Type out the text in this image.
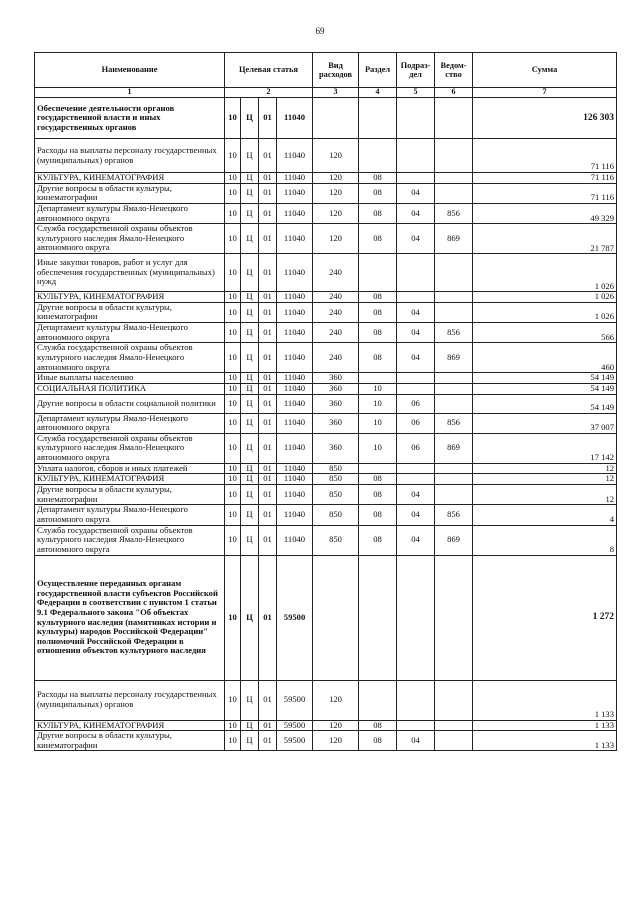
69
Наименование	Целевая статья				Вид расходов	Раздел	Подраз-дел	Ведом-ство	Сумма
1	2				3	4	5	6	7
Обеспечение деятельности органов государственной власти и иных государственных органов	10	Ц	01	11040					126 303
Расходы на выплаты персоналу государственных (муниципальных) органов	10	Ц	01	11040	120				71 116
КУЛЬТУРА, КИНЕМАТОГРАФИЯ	10	Ц	01	11040	120	08			71 116
Другие вопросы в области культуры, кинематографии	10	Ц	01	11040	120	08	04		71 116
Департамент культуры Ямало-Ненецкого автономного округа	10	Ц	01	11040	120	08	04	856	49 329
Служба государственной охраны объектов культурного наследия Ямало-Ненецкого автономного округа	10	Ц	01	11040	120	08	04	869	21 787
Иные закупки товаров, работ и услуг для обеспечения государственных (муниципальных) нужд	10	Ц	01	11040	240				1 026
КУЛЬТУРА, КИНЕМАТОГРАФИЯ	10	Ц	01	11040	240	08			1 026
Другие вопросы в области культуры, кинематографии	10	Ц	01	11040	240	08	04		1 026
Департамент культуры Ямало-Ненецкого автономного округа	10	Ц	01	11040	240	08	04	856	566
Служба государственной охраны объектов культурного наследия Ямало-Ненецкого автономного округа	10	Ц	01	11040	240	08	04	869	460
Иные выплаты населению	10	Ц	01	11040	360				54 149
СОЦИАЛЬНАЯ ПОЛИТИКА	10	Ц	01	11040	360	10			54 149
Другие вопросы в области социальной политики	10	Ц	01	11040	360	10	06		54 149
Департамент культуры Ямало-Ненецкого автономного округа	10	Ц	01	11040	360	10	06	856	37 007
Служба государственной охраны объектов культурного наследия Ямало-Ненецкого автономного округа	10	Ц	01	11040	360	10	06	869	17 142
Уплата налогов, сборов и иных платежей	10	Ц	01	11040	850				12
КУЛЬТУРА, КИНЕМАТОГРАФИЯ	10	Ц	01	11040	850	08			12
Другие вопросы в области культуры, кинематографии	10	Ц	01	11040	850	08	04		12
Департамент культуры Ямало-Ненецкого автономного округа	10	Ц	01	11040	850	08	04	856	4
Служба государственной охраны объектов культурного наследия Ямало-Ненецкого автономного округа	10	Ц	01	11040	850	08	04	869	8
Осуществление переданных органам государственной власти субъектов Российской Федерации в соответствии с пунктом 1 статьи 9.1 Федерального закона "Об объектах культурного наследия (памятниках истории и культуры) народов Российской Федерации" полномочий Российской Федерации в отношении объектов культурного наследия	10	Ц	01	59500					1 272
Расходы на выплаты персоналу государственных (муниципальных) органов	10	Ц	01	59500	120				1 133
КУЛЬТУРА, КИНЕМАТОГРАФИЯ	10	Ц	01	59500	120	08			1 133
Другие вопросы в области культуры, кинематографии	10	Ц	01	59500	120	08	04		1 133
